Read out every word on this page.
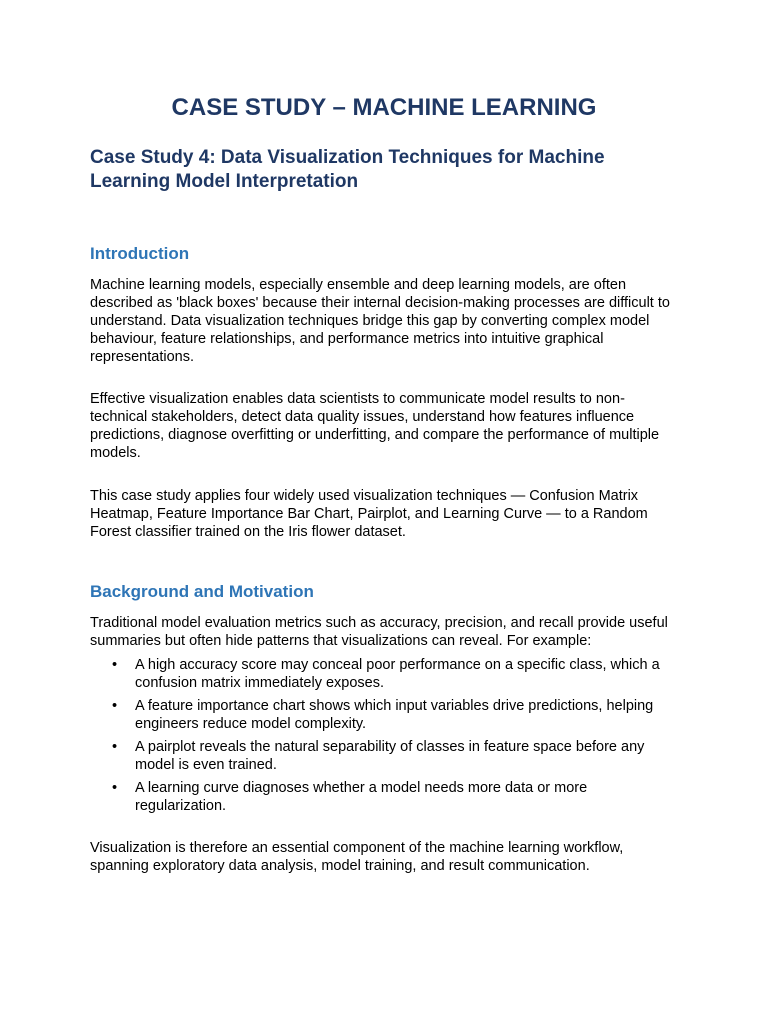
CASE STUDY – MACHINE LEARNING
Case Study 4: Data Visualization Techniques for Machine Learning Model Interpretation
Introduction

Machine learning models, especially ensemble and deep learning models, are often described as 'black boxes' because their internal decision-making processes are difficult to understand. Data visualization techniques bridge this gap by converting complex model behaviour, feature relationships, and performance metrics into intuitive graphical representations.

Effective visualization enables data scientists to communicate model results to non-technical stakeholders, detect data quality issues, understand how features influence predictions, diagnose overfitting or underfitting, and compare the performance of multiple models.

This case study applies four widely used visualization techniques — Confusion Matrix Heatmap, Feature Importance Bar Chart, Pairplot, and Learning Curve — to a Random Forest classifier trained on the Iris flower dataset.

Background and Motivation

Traditional model evaluation metrics such as accuracy, precision, and recall provide useful summaries but often hide patterns that visualizations can reveal. For example:

• A high accuracy score may conceal poor performance on a specific class, which a confusion matrix immediately exposes.
• A feature importance chart shows which input variables drive predictions, helping engineers reduce model complexity.
• A pairplot reveals the natural separability of classes in feature space before any model is even trained.
• A learning curve diagnoses whether a model needs more data or more regularization.

Visualization is therefore an essential component of the machine learning workflow, spanning exploratory data analysis, model training, and result communication.
